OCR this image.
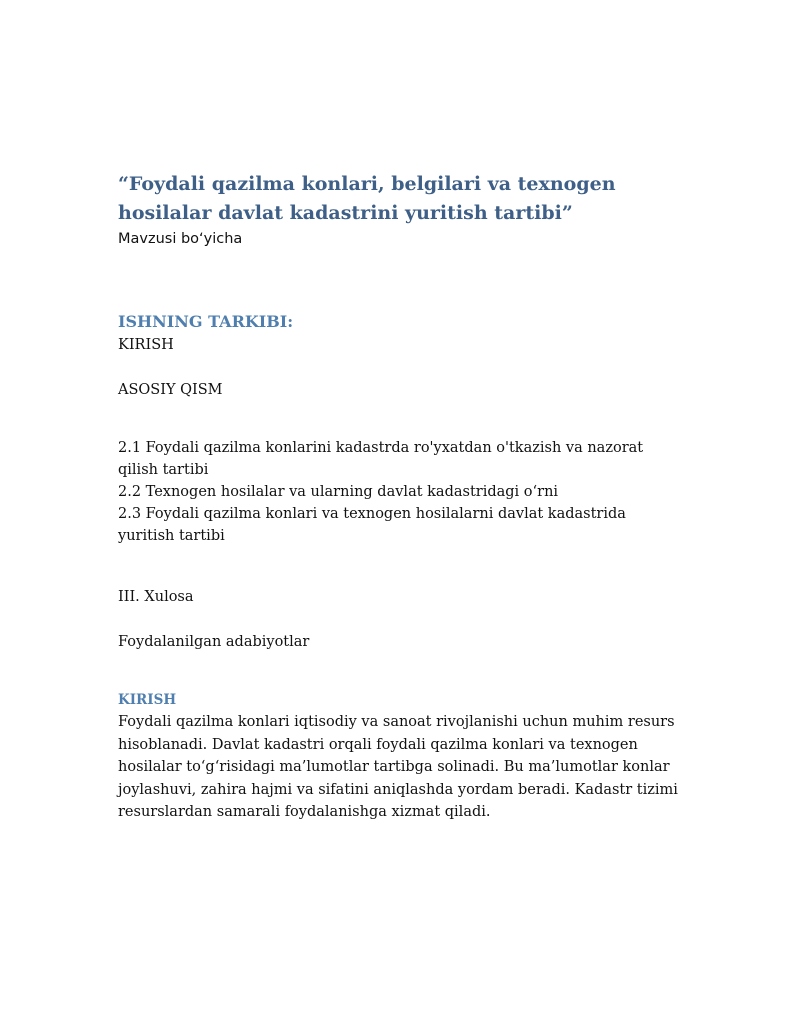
“Foydali qazilma konlari, belgilari va texnogen hosilalar davlat kadastrini yuritish tartibi”
Mavzusi bo‘yicha
ISHNING TARKIBI:
KIRISH
ASOSIY QISM

2.1 Foydali qazilma konlarini kadastrda ro'yxatdan o'tkazish va nazorat qilish tartibi

2.2 Texnogen hosilalar va ularning davlat kadastridagi o‘rni

2.3 Foydali qazilma konlari va texnogen hosilalarni davlat kadastrida yuritish tartibi

III. Xulosa
Foydalanilgan adabiyotlar
KIRISH
Foydali qazilma konlari iqtisodiy va sanoat rivojlanishi uchun muhim resurs hisoblanadi. Davlat kadastri orqali foydali qazilma konlari va texnogen hosilalar to‘g‘risidagi ma’lumotlar tartibga solinadi. Bu ma’lumotlar konlar joylashuvi, zahira hajmi va sifatini aniqlashda yordam beradi. Kadastr tizimi resurslardan samarali foydalanishga xizmat qiladi.
